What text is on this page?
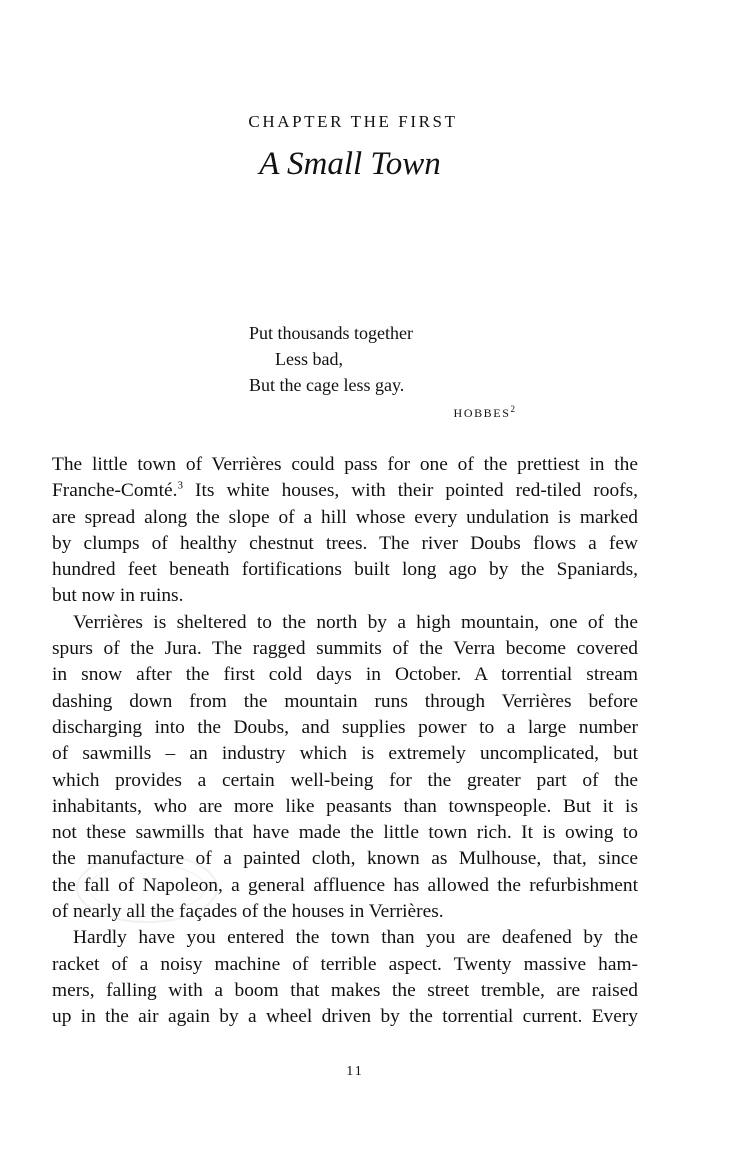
CHAPTER THE FIRST
A Small Town
Put thousands together
Less bad,
But the cage less gay.
HOBBES$^2$
The little town of Verrières could pass for one of the prettiest in the
Franche-Comté.$^3$ Its white houses, with their pointed red-tiled roofs,
are spread along the slope of a hill whose every undulation is marked
by clumps of healthy chestnut trees. The river Doubs flows a few
hundred feet beneath fortifications built long ago by the Spaniards,
but now in ruins.
Verrières is sheltered to the north by a high mountain, one of the
spurs of the Jura. The ragged summits of the Verra become covered
in snow after the first cold days in October. A torrential stream
dashing down from the mountain runs through Verrières before
discharging into the Doubs, and supplies power to a large number
of sawmills – an industry which is extremely uncomplicated, but
which provides a certain well-being for the greater part of the
inhabitants, who are more like peasants than townspeople. But it is
not these sawmills that have made the little town rich. It is owing to
the manufacture of a painted cloth, known as Mulhouse, that, since
the fall of Napoleon, a general affluence has allowed the refurbishment
of nearly all the façades of the houses in Verrières.
Hardly have you entered the town than you are deafened by the
racket of a noisy machine of terrible aspect. Twenty massive ham-
mers, falling with a boom that makes the street tremble, are raised
up in the air again by a wheel driven by the torrential current. Every
11
